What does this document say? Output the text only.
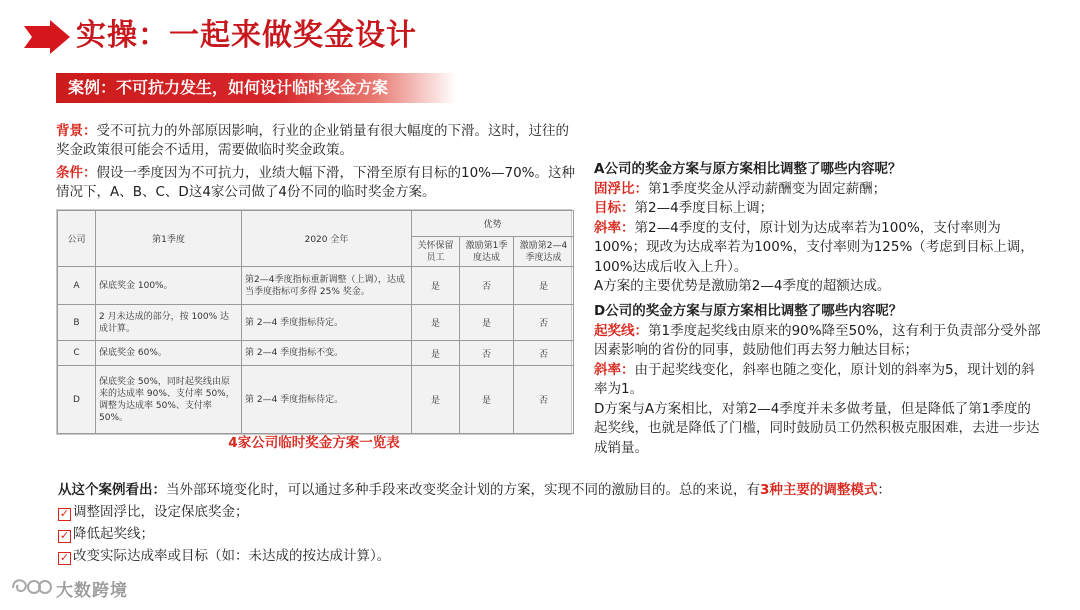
实操：一起来做奖金设计
案例：不可抗力发生，如何设计临时奖金方案

背景：受不可抗力的外部原因影响，行业的企业销量有很大幅度的下滑。这时，过往的奖金政策很可能会不适用，需要做临时奖金政策。

条件：假设一季度因为不可抗力，业绩大幅下滑，下滑至原有目标的10%—70%。这种情况下，A、B、C、D这4家公司做了4份不同的临时奖金方案。

公司	第1季度	2020 全年	优势		
			关怀保留员工	激励第1季度达成	激励第2—4季度达成
A	保底奖金 100%。	第2—4季度指标重新调整（上调），达成当季度指标可多得 25% 奖金。	是	否	是
B	2 月未达成的部分，按 100% 达成计算。	第 2—4 季度指标待定。	是	是	否
C	保底奖金 60%。	第 2—4 季度指标不变。	是	否	否
D	保底奖金 50%，同时起奖线由原来的达成率 90%、支付率 50%，调整为达成率 50%、支付率 50%。	第 2—4 季度指标待定。	是	是	否
4家公司临时奖金方案一览表
A公司的奖金方案与原方案相比调整了哪些内容呢？
固浮比：第1季度奖金从浮动薪酬变为固定薪酬；
目标：第2—4季度目标上调；
斜率：第2—4季度的支付，原计划为达成率若为100%，支付率则为100%；现改为达成率若为100%，支付率则为125%（考虑到目标上调，100%达成后收入上升）。
A方案的主要优势是激励第2—4季度的超额达成。
D公司的奖金方案与原方案相比调整了哪些内容呢？
起奖线：第1季度起奖线由原来的90%降至50%，这有利于负责部分受外部因素影响的省份的同事，鼓励他们再去努力触达目标；
斜率：由于起奖线变化，斜率也随之变化，原计划的斜率为5，现计划的斜率为1。
D方案与A方案相比，对第2—4季度并未多做考量，但是降低了第1季度的起奖线，也就是降低了门槛，同时鼓励员工仍然积极克服困难，去进一步达成销量。

从这个案例看出：当外部环境变化时，可以通过多种手段来改变奖金计划的方案，实现不同的激励目的。总的来说，有3种主要的调整模式：

✓ 调整固浮比，设定保底奖金；

✓ 降低起奖线；

✓ 改变实际达成率或目标（如：未达成的按达成计算）。

大数跨境
